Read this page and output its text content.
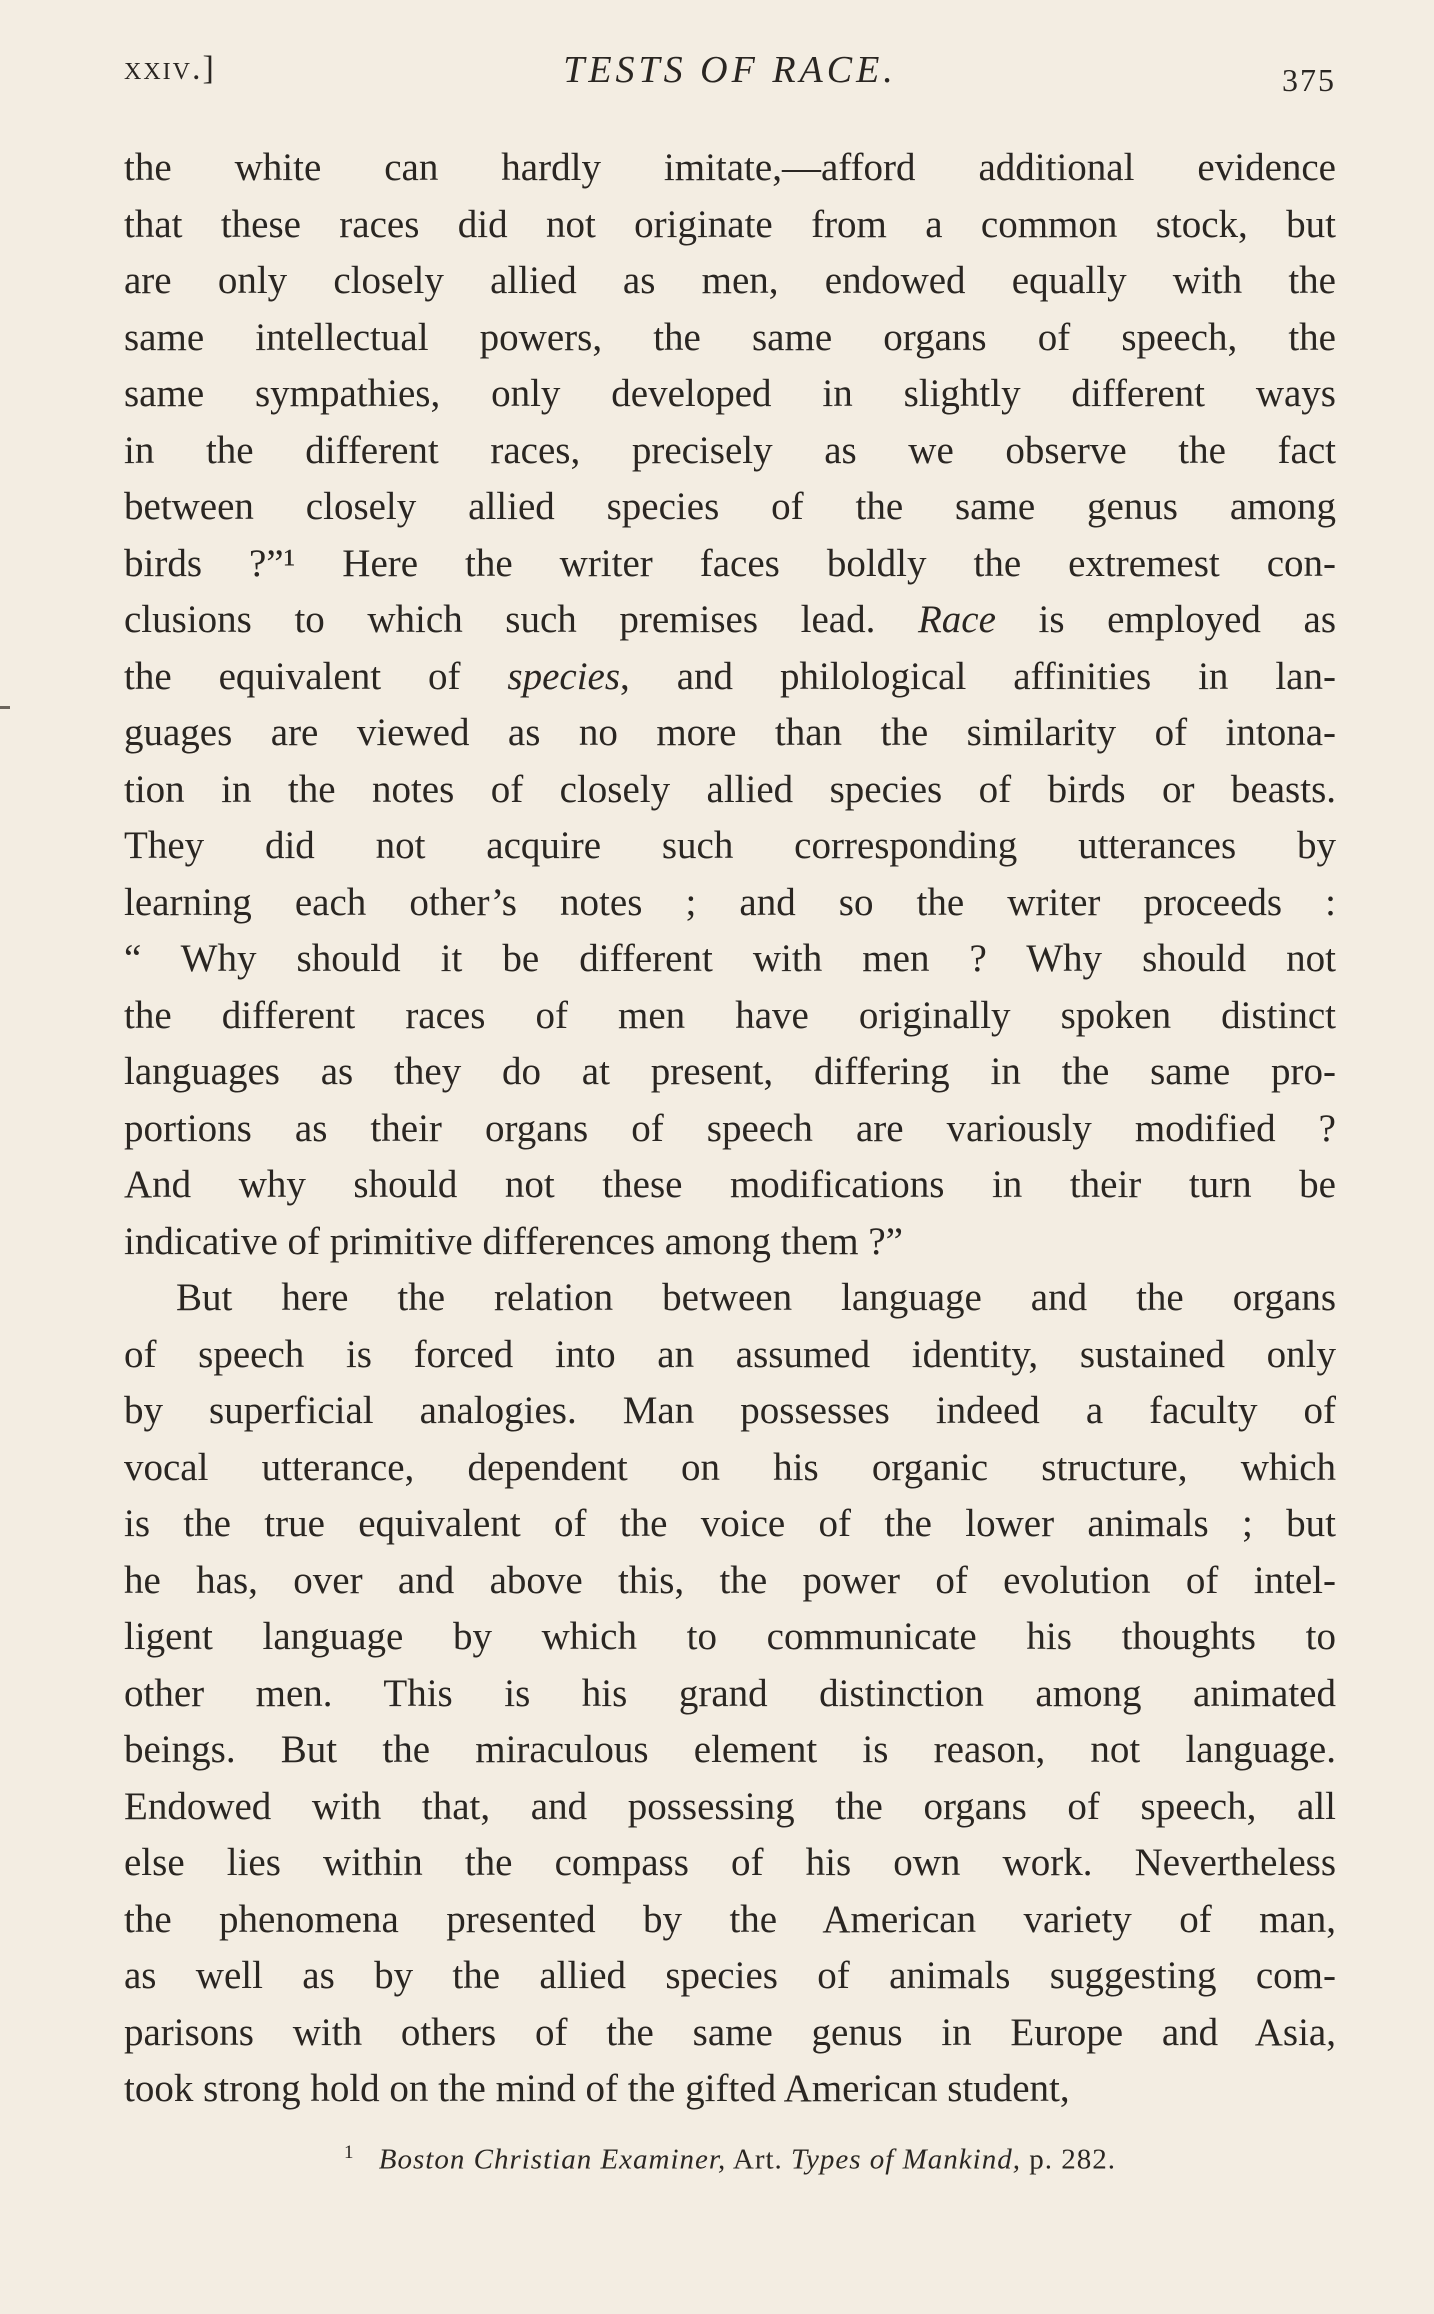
xxiv.]	TESTS OF RACE.	375
the white can hardly imitate,—afford additional evidence
that these races did not originate from a common stock, but
are only closely allied as men, endowed equally with the
same intellectual powers, the same organs of speech, the
same sympathies, only developed in slightly different ways
in the different races, precisely as we observe the fact
between closely allied species of the same genus among
birds ?”¹ Here the writer faces boldly the extremest con-
clusions to which such premises lead. Race is employed as
the equivalent of species, and philological affinities in lan-
guages are viewed as no more than the similarity of intona-
tion in the notes of closely allied species of birds or beasts.
They did not acquire such corresponding utterances by
learning each other’s notes ; and so the writer proceeds :
“ Why should it be different with men ? Why should not
the different races of men have originally spoken distinct
languages as they do at present, differing in the same pro-
portions as their organs of speech are variously modified ?
And why should not these modifications in their turn be
indicative of primitive differences among them ?”
But here the relation between language and the organs
of speech is forced into an assumed identity, sustained only
by superficial analogies. Man possesses indeed a faculty of
vocal utterance, dependent on his organic structure, which
is the true equivalent of the voice of the lower animals ; but
he has, over and above this, the power of evolution of intel-
ligent language by which to communicate his thoughts to
other men. This is his grand distinction among animated
beings. But the miraculous element is reason, not language.
Endowed with that, and possessing the organs of speech, all
else lies within the compass of his own work. Nevertheless
the phenomena presented by the American variety of man,
as well as by the allied species of animals suggesting com-
parisons with others of the same genus in Europe and Asia,
took strong hold on the mind of the gifted American student,
$^1$ Boston Christian Examiner, Art. Types of Mankind, p. 282.
